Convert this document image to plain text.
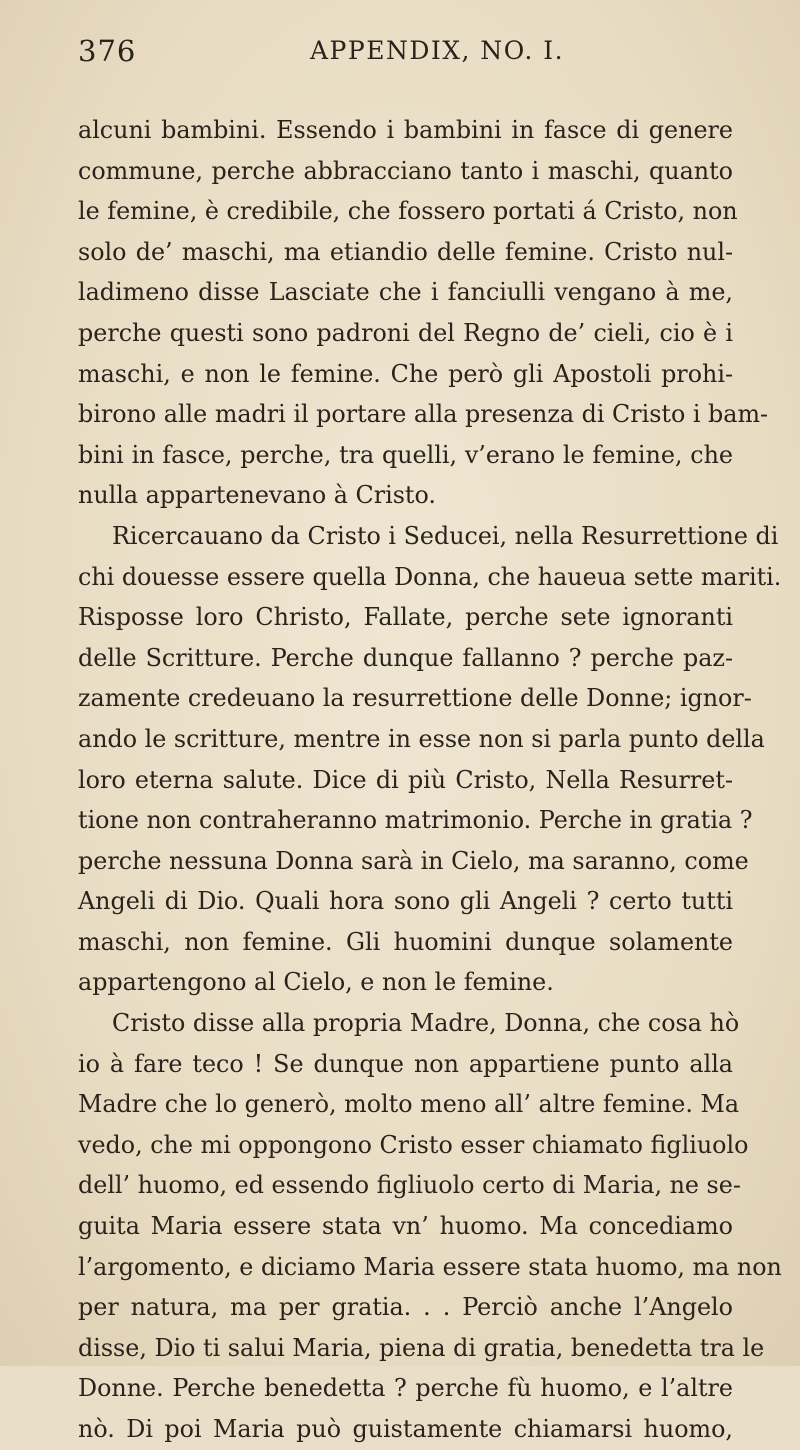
376	APPENDIX, NO. I.
alcuni bambini. Essendo i bambini in fasce di genere
commune, perche abbracciano tanto i maschi, quanto
le femine, è credibile, che fossero portati á Cristo, non
solo de’ maschi, ma etiandio delle femine. Cristo nul-
ladimeno disse Lasciate che i fanciulli vengano à me,
perche questi sono padroni del Regno de’ cieli, cio è i
maschi, e non le femine. Che però gli Apostoli prohi-
birono alle madri il portare alla presenza di Cristo i bam-
bini in fasce, perche, tra quelli, v’erano le femine, che
nulla appartenevano à Cristo.
Ricercauano da Cristo i Seducei, nella Resurrettione di
chi douesse essere quella Donna, che haueua sette mariti.
Risposse loro Christo, Fallate, perche sete ignoranti
delle Scritture. Perche dunque fallanno ? perche paz-
zamente credeuano la resurrettione delle Donne; ignor-
ando le scritture, mentre in esse non si parla punto della
loro eterna salute. Dice di più Cristo, Nella Resurret-
tione non contraheranno matrimonio. Perche in gratia ?
perche nessuna Donna sarà in Cielo, ma saranno, come
Angeli di Dio. Quali hora sono gli Angeli ? certo tutti
maschi, non femine. Gli huomini dunque solamente
appartengono al Cielo, e non le femine.
Cristo disse alla propria Madre, Donna, che cosa hò
io à fare teco ! Se dunque non appartiene punto alla
Madre che lo generò, molto meno all’ altre femine. Ma
vedo, che mi oppongono Cristo esser chiamato figliuolo
dell’ huomo, ed essendo figliuolo certo di Maria, ne se-
guita Maria essere stata vn’ huomo. Ma concediamo
l’argomento, e diciamo Maria essere stata huomo, ma non
per natura, ma per gratia. . . Perciò anche l’Angelo
disse, Dio ti salui Maria, piena di gratia, benedetta tra le
Donne. Perche benedetta ? perche fù huomo, e l’altre
nò. Di poi Maria può guistamente chiamarsi huomo,
